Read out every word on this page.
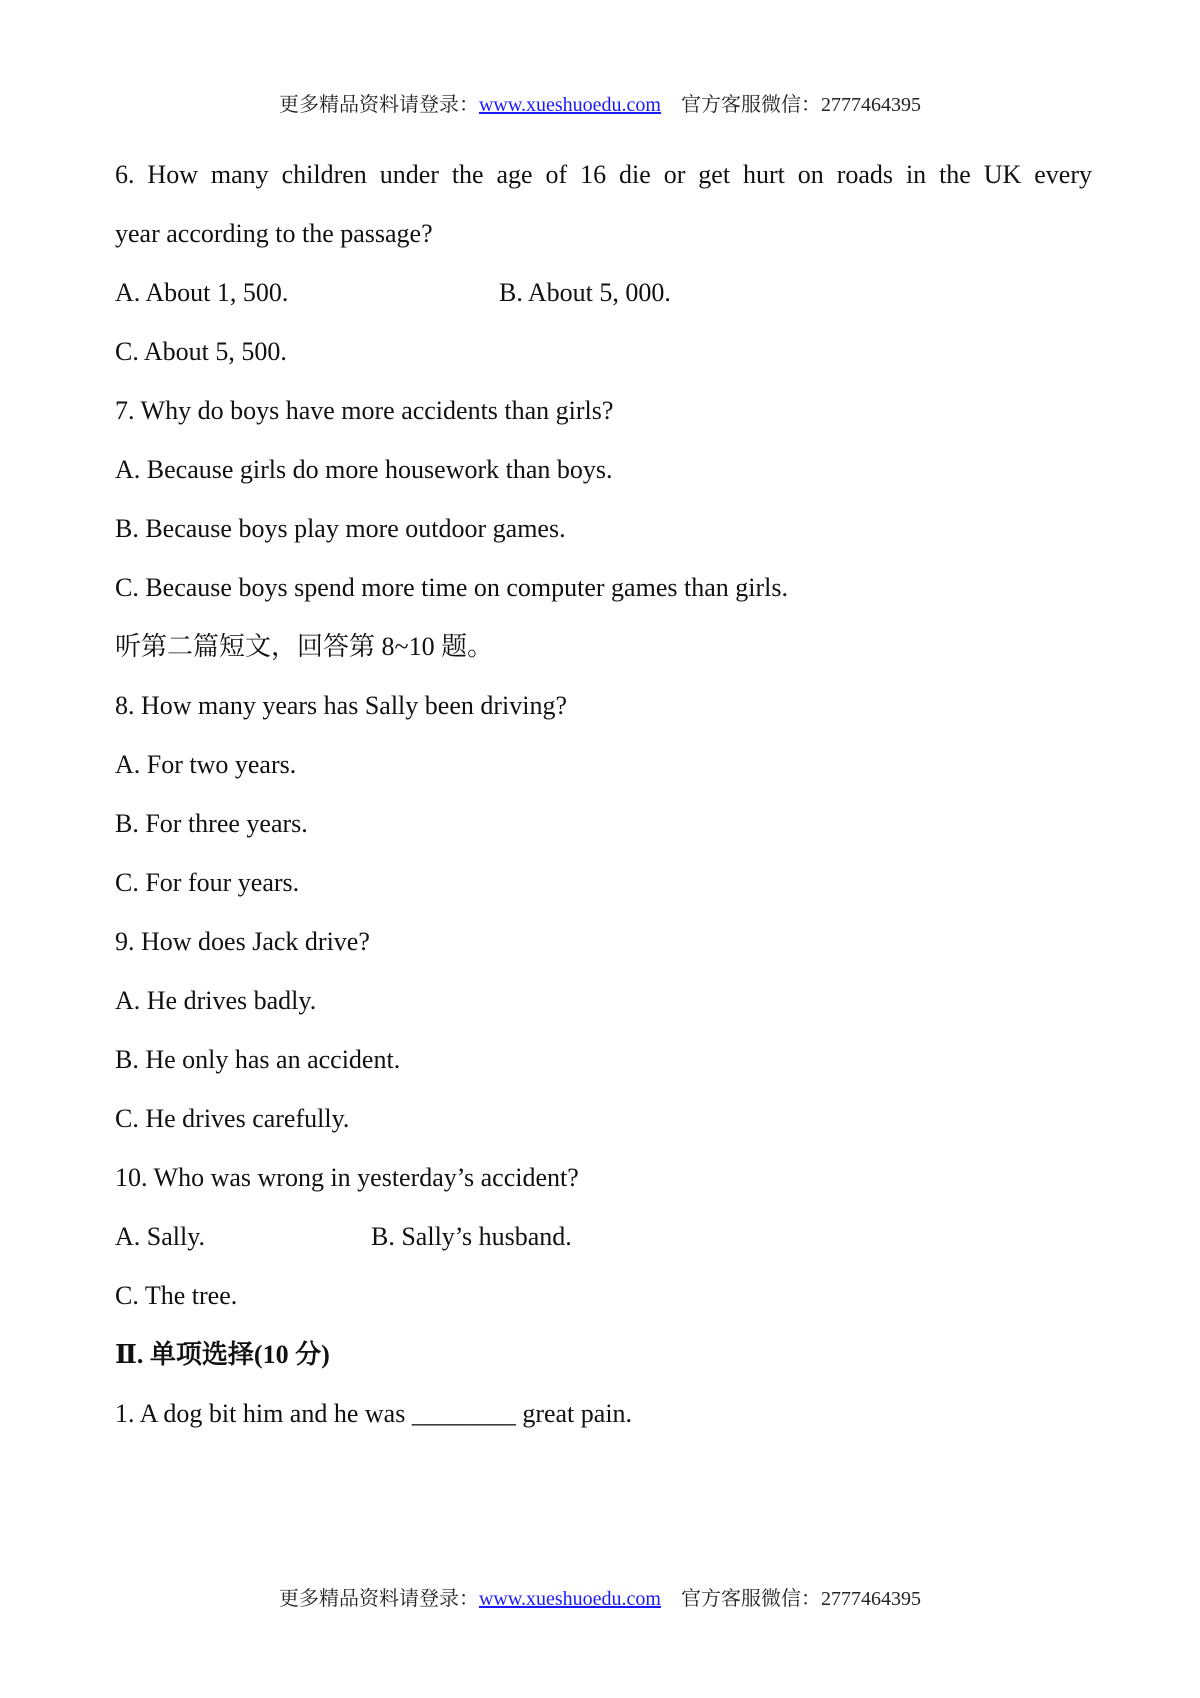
更多精品资料请登录：www.xueshuoedu.com    官方客服微信：2777464395
6. How many children under the age of 16 die or get hurt on roads in the UK every
year according to the passage?
A. About 1, 500.	B. About 5, 000.
C. About 5, 500.
7. Why do boys have more accidents than girls?
A. Because girls do more housework than boys.
B. Because boys play more outdoor games.
C. Because boys spend more time on computer games than girls.
听第二篇短文，回答第 8~10 题。
8. How many years has Sally been driving?
A. For two years.
B. For three years.
C. For four years.
9. How does Jack drive?
A. He drives badly.
B. He only has an accident.
C. He drives carefully.
10. Who was wrong in yesterday’s accident?
A. Sally.	B. Sally’s husband.
C. The tree.
Ⅱ. 单项选择(10 分)
1. A dog bit him and he was ________ great pain.
更多精品资料请登录：www.xueshuoedu.com    官方客服微信：2777464395
